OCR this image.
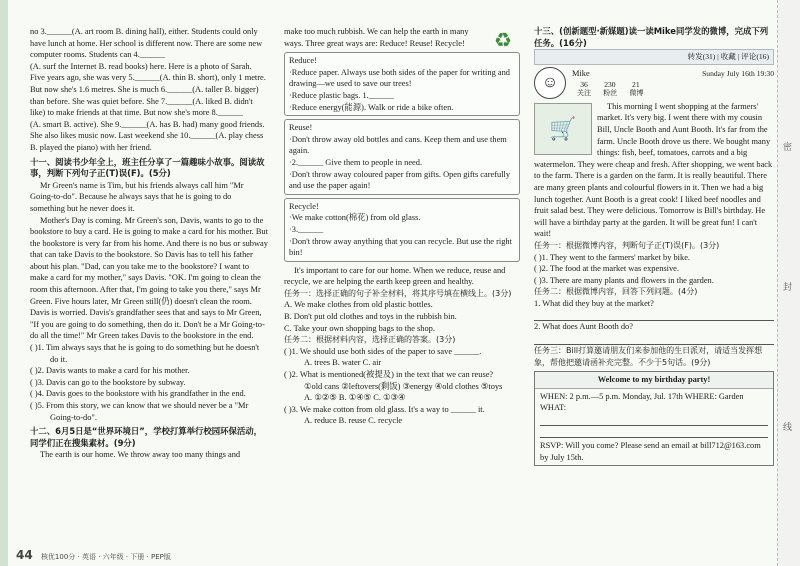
密
封
线

no 3.______(A. art room B. dining hall), either. Students could only have lunch at home. Her school is different now. There are some new computer rooms. Students can 4.______

(A. surf the Internet B. read books) here. Here is a photo of Sarah. Five years ago, she was very 5.______(A. thin B. short), only 1 metre. But now she's 1.6 metres. She is much 6.______(A. taller B. bigger) than before. She was quiet before. She 7.______(A. liked B. didn't like) to make friends at that time. But now she's more 8.______

(A. smart B. active). She 9.______(A. has B. had) many good friends. She also likes music now. Last weekend she 10.______(A. play chess B. played the piano) with her friend.

十一、阅读书少年全上，班主任分享了一篇趣味小故事。阅读故事，判断下列句子正(T)误(F)。(5分)

Mr Green's name is Tim, but his friends always call him "Mr Going-to-do". Because he always says that he is going to do something but he never does it.

Mother's Day is coming. Mr Green's son, Davis, wants to go to the bookstore to buy a card. He is going to make a card for his mother. But the bookstore is very far from his home. And there is no bus or subway that can take Davis to the bookstore. So Davis has to tell his father about his plan. "Dad, can you take me to the bookstore? I want to make a card for my mother," says Davis. "OK. I'm going to clean the room this afternoon. After that, I'm going to take you there," says Mr Green. Five hours later, Mr Green still(仍) doesn't clean the room. Davis is worried. Davis's grandfather sees that and says to Mr Green, "If you are going to do something, then do it. Don't be a Mr Going-to-do all the time!" Mr Green takes Davis to the bookstore in the end.

( )1. Tim always says that he is going to do something but he doesn't do it.

( )2. Davis wants to make a card for his mother.

( )3. Davis can go to the bookstore by subway.

( )4. Davis goes to the bookstore with his grandfather in the end.

( )5. From this story, we can know that we should never be a "Mr Going-to-do".

十二、6月5日是“世界环境日”，学校打算举行校园环保活动，同学们正在搜集素材。(9分)

The earth is our home. We throw away too many things and

♻

make too much rubbish. We can help the earth in many ways. Three great ways are: Reduce! Reuse! Recycle!

Reduce!

·Reduce paper. Always use both sides of the paper for writing and drawing—we used to save our trees!

·Reduce plastic bags. 1.______

·Reduce energy(能源). Walk or ride a bike often.

Reuse!

·Don't throw away old bottles and cans. Keep them and use them again.

·2.______ Give them to people in need.

·Don't throw away coloured paper from gifts. Open gifts carefully and use the paper again!

Recycle!

·We make cotton(棉花) from old glass.

·3.______

·Don't throw away anything that you can recycle. But use the right bin!

It's important to care for our home. When we reduce, reuse and recycle, we are helping the earth keep green and healthy.

任务一：选择正确的句子补全材料，将其序号填在横线上。(3分)

A. We make clothes from old plastic bottles.

B. Don't put old clothes and toys in the rubbish bin.

C. Take your own shopping bags to the shop.

任务二：根据材料内容，选择正确的答案。(3分)

( )1. We should use both sides of the paper to save ______.

A. trees B. water C. air

( )2. What is mentioned(被提及) in the text that we can reuse?

①old cans ②leftovers(剩饭) ③energy ④old clothes ⑤toys

A. ①②⑤ B. ①④⑤ C. ①③④

( )3. We make cotton from old glass. It's a way to ______ it.

A. reduce B. reuse C. recycle

十三、(创新题型·新媒题)读一读Mike同学发的微博，完成下列任务。(16分)

转发(31) | 收藏 | 评论(16)
☺
Mike	Sunday July 16th 19:30
36 230 21
关注 粉丝 微博
🛒

This morning I went shopping at the farmers' market. It's very big. I went there with my cousin Bill, Uncle Booth and Aunt Booth. It's far from the farm. Uncle Booth drove us there. We bought many things: fish, beef, tomatoes, carrots and a big watermelon. They were cheap and fresh. After shopping, we went back to the farm. There is a garden on the farm. It is really beautiful. There are many green plants and colourful flowers in it. Then we had a big lunch together. Aunt Booth is a great cook! I liked beef noodles and fruit salad best. They were delicious. Tomorrow is Bill's birthday. He will have a birthday party at the garden. It will be great fun! I can't wait!

任务一：根据微博内容，判断句子正(T)误(F)。(3分)

( )1. They went to the farmers' market by bike.

( )2. The food at the market was expensive.

( )3. There are many plants and flowers in the garden.

任务二：根据微博内容，回答下列问题。(4分)

1. What did they buy at the market?

2. What does Aunt Booth do?

任务三：Bill打算邀请朋友们来参加他的生日派对，请适当发挥想象，帮他把邀请函补充完整。不少于5句话。(9分)

Welcome to my birthday party!

WHEN: 2 p.m.—5 p.m. Monday, Jul. 17th WHERE: Garden

WHAT:

RSVP: Will you come? Please send an email at bill712@163.com by July 15th.

44 核优100分 · 英语 · 六年级 · 下册 · PEP版
